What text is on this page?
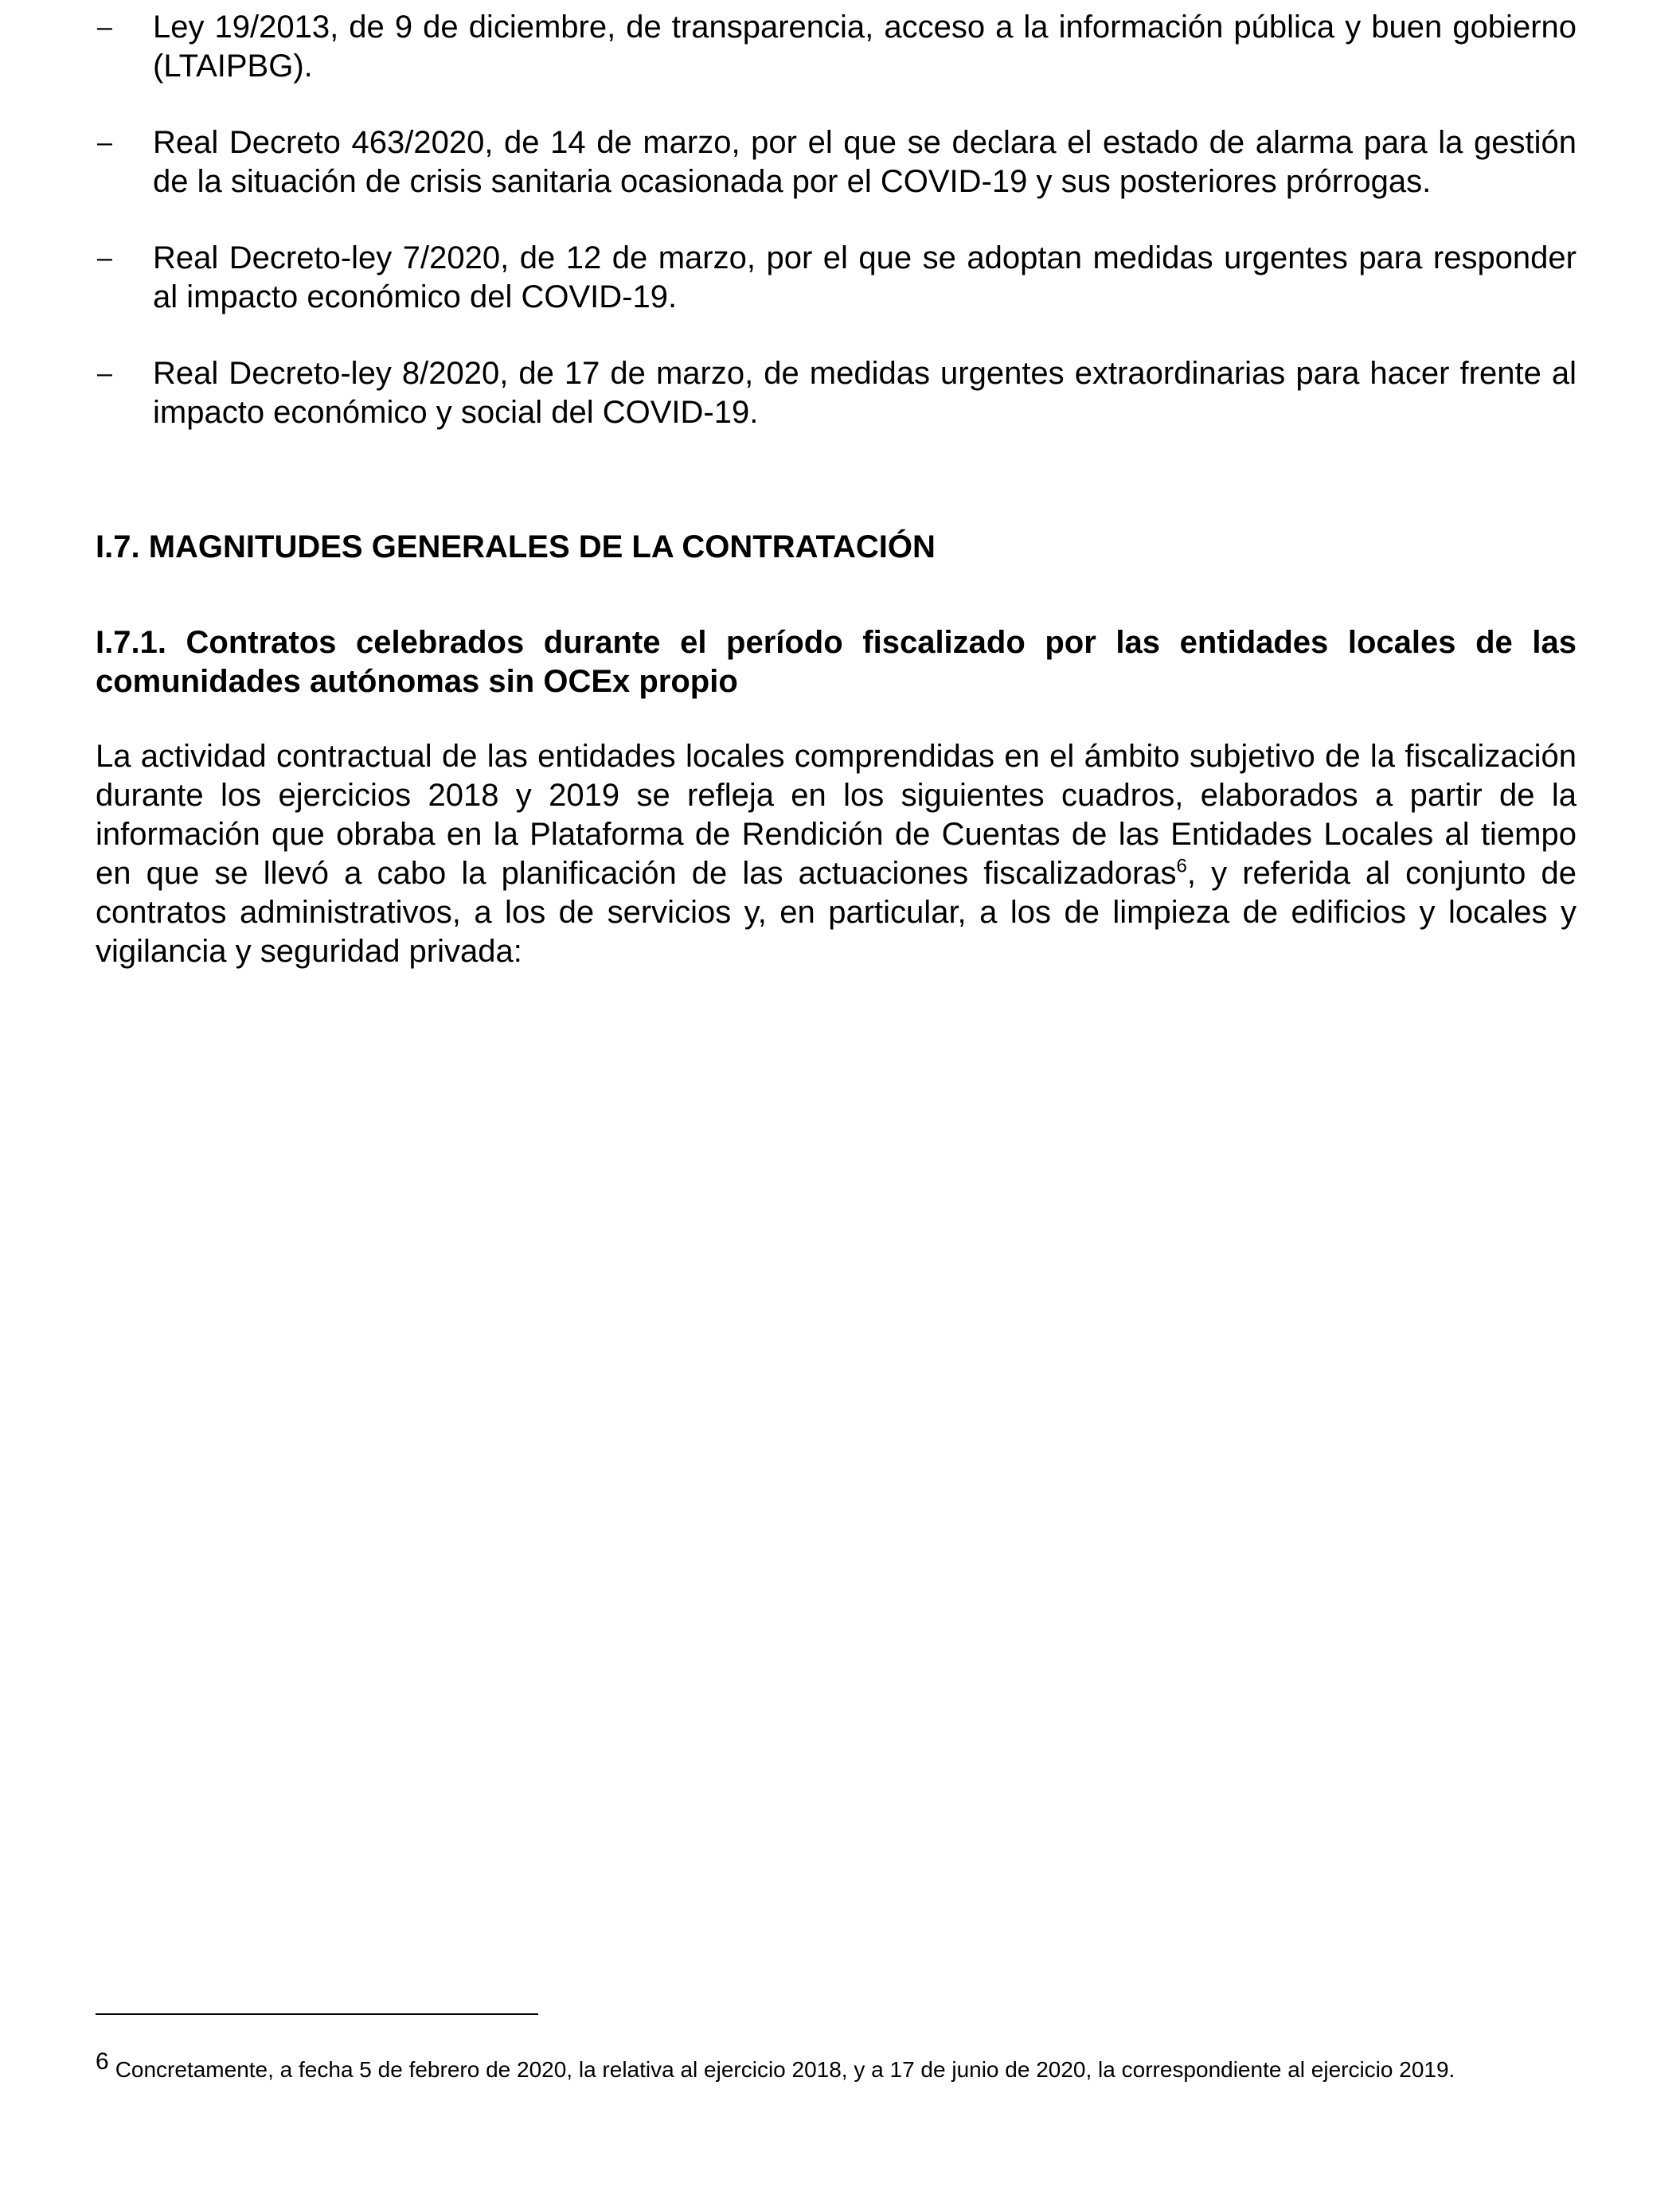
– Ley 19/2013, de 9 de diciembre, de transparencia, acceso a la información pública y buen gobierno (LTAIPBG).
– Real Decreto 463/2020, de 14 de marzo, por el que se declara el estado de alarma para la gestión de la situación de crisis sanitaria ocasionada por el COVID-19 y sus posteriores prórrogas.
– Real Decreto-ley 7/2020, de 12 de marzo, por el que se adoptan medidas urgentes para responder al impacto económico del COVID-19.
– Real Decreto-ley 8/2020, de 17 de marzo, de medidas urgentes extraordinarias para hacer frente al impacto económico y social del COVID-19.
I.7. MAGNITUDES GENERALES DE LA CONTRATACIÓN
I.7.1. Contratos celebrados durante el período fiscalizado por las entidades locales de las comunidades autónomas sin OCEx propio

La actividad contractual de las entidades locales comprendidas en el ámbito subjetivo de la fiscalización durante los ejercicios 2018 y 2019 se refleja en los siguientes cuadros, elaborados a partir de la información que obraba en la Plataforma de Rendición de Cuentas de las Entidades Locales al tiempo en que se llevó a cabo la planificación de las actuaciones fiscalizadoras$^6$, y referida al conjunto de contratos administrativos, a los de servicios y, en particular, a los de limpieza de edificios y locales y vigilancia y seguridad privada:

6 Concretamente, a fecha 5 de febrero de 2020, la relativa al ejercicio 2018, y a 17 de junio de 2020, la correspondiente al ejercicio 2019.
